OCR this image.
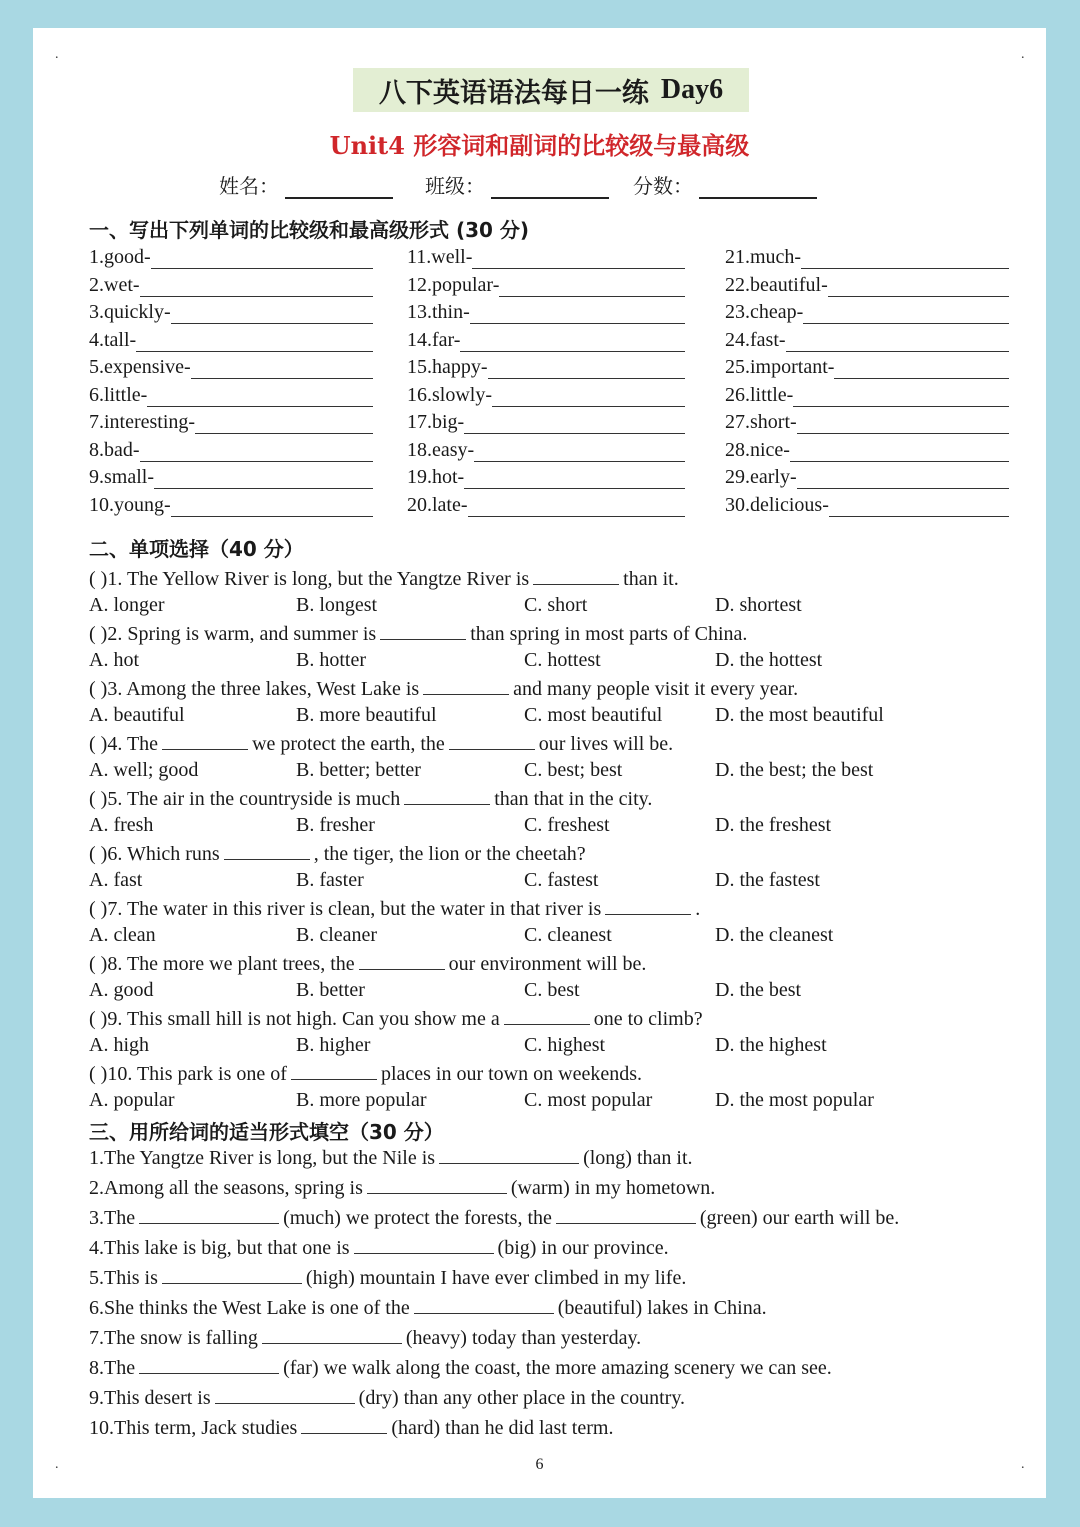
.	.
.	.
八下英语语法每日一练 Day6
Unit4 形容词和副词的比较级与最高级
姓名：	班级：	分数：
一、写出下列单词的比较级和最高级形式 (30 分)
1.good-
2.wet-
3.quickly-
4.tall-
5.expensive-
6.little-
7.interesting-
8.bad-
9.small-
10.young-
11.well-
12.popular-
13.thin-
14.far-
15.happy-
16.slowly-
17.big-
18.easy-
19.hot-
20.late-
21.much-
22.beautiful-
23.cheap-
24.fast-
25.important-
26.little-
27.short-
28.nice-
29.early-
30.delicious-
二、单项选择（40 分）
( )1. The Yellow River is long, but the Yangtze River is	than it.
A. longer	B. longest	C. short	D. shortest
( )2. Spring is warm, and summer is	than spring in most parts of China.
A. hot	B. hotter	C. hottest	D. the hottest
( )3. Among the three lakes, West Lake is	and many people visit it every year.
A. beautiful	B. more beautiful	C. most beautiful	D. the most beautiful
( )4. The	we protect the earth, the	our lives will be.
A. well; good	B. better; better	C. best; best	D. the best; the best
( )5. The air in the countryside is much	than that in the city.
A. fresh	B. fresher	C. freshest	D. the freshest
( )6. Which runs	, the tiger, the lion or the cheetah?
A. fast	B. faster	C. fastest	D. the fastest
( )7. The water in this river is clean, but the water in that river is	.
A. clean	B. cleaner	C. cleanest	D. the cleanest
( )8. The more we plant trees, the	our environment will be.
A. good	B. better	C. best	D. the best
( )9. This small hill is not high. Can you show me a	one to climb?
A. high	B. higher	C. highest	D. the highest
( )10. This park is one of	places in our town on weekends.
A. popular	B. more popular	C. most popular	D. the most popular
三、用所给词的适当形式填空（30 分）
1.The Yangtze River is long, but the Nile is	(long) than it.
2.Among all the seasons, spring is	(warm) in my hometown.
3.The	(much) we protect the forests, the	(green) our earth will be.
4.This lake is big, but that one is	(big) in our province.
5.This is	(high) mountain I have ever climbed in my life.
6.She thinks the West Lake is one of the	(beautiful) lakes in China.
7.The snow is falling	(heavy) today than yesterday.
8.The	(far) we walk along the coast, the more amazing scenery we can see.
9.This desert is	(dry) than any other place in the country.
10.This term, Jack studies	(hard) than he did last term.
6
